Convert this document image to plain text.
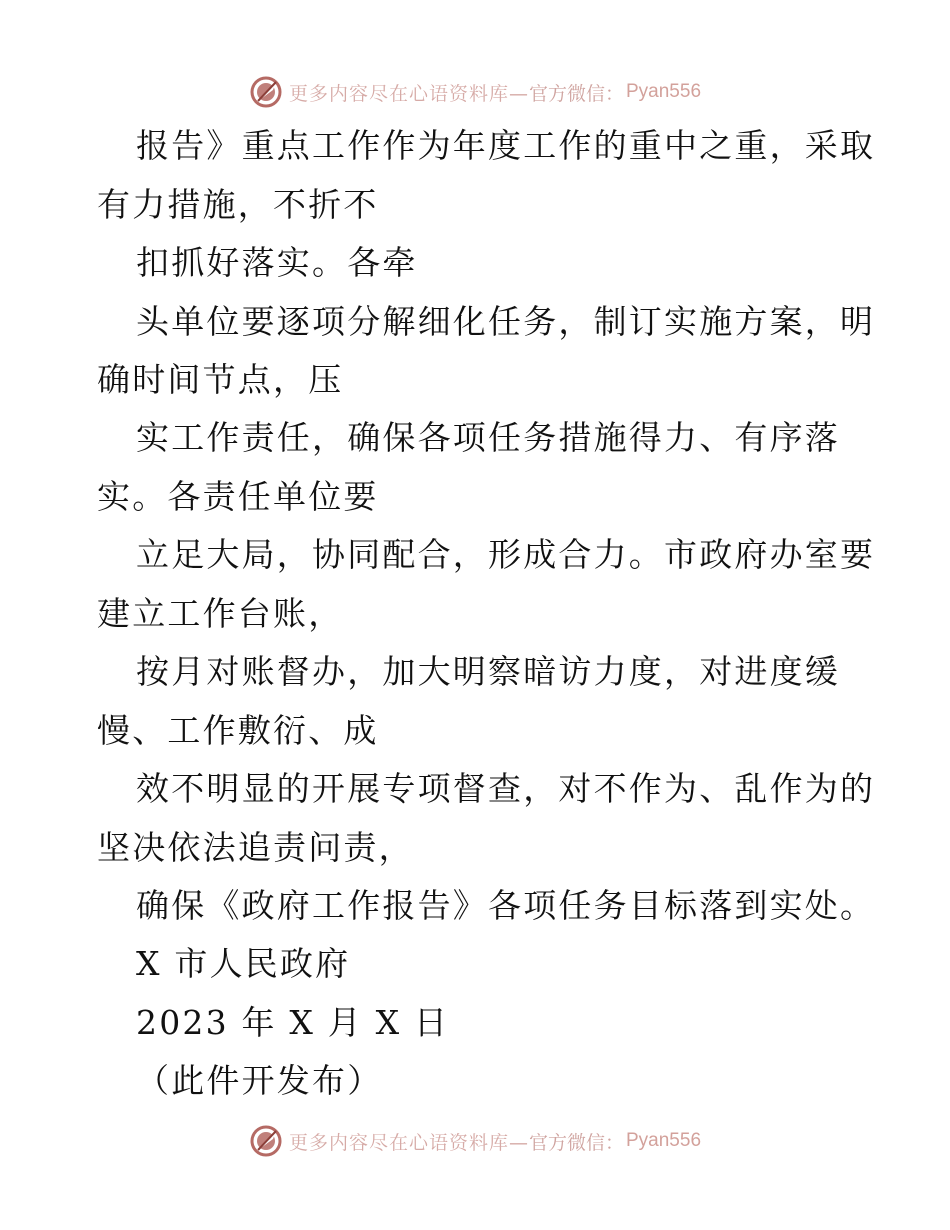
更多内容尽在心语资料库— 官方微信： Pyan556
报告》重点工作作为年度工作的重中之重，采取
有力措施，不折不
扣抓好落实。各牵
头单位要逐项分解细化任务，制订实施方案，明
确时间节点，压
实工作责任，确保各项任务措施得力、有序落
实。各责任单位要
立足大局，协同配合，形成合力。市政府办室要
建立工作台账，
按月对账督办，加大明察暗访力度，对进度缓
慢、工作敷衍、成
效不明显的开展专项督查，对不作为、乱作为的
坚决依法追责问责，
确保《政府工作报告》各项任务目标落到实处。
X 市人民政府
2023 年 X 月 X 日
（此件开发布）
更多内容尽在心语资料库— 官方微信： Pyan556
